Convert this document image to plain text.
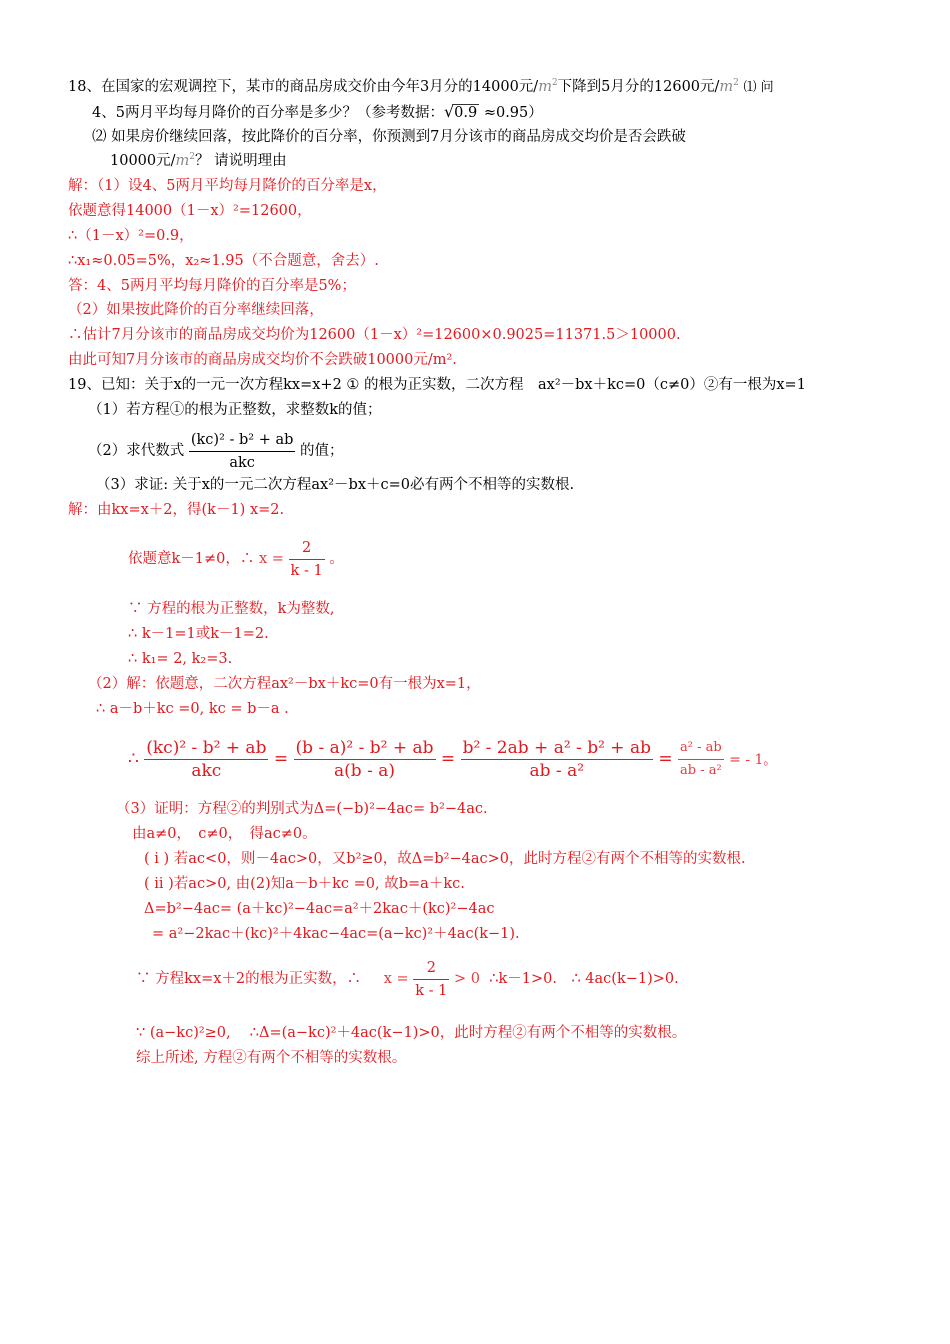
18、在国家的宏观调控下，某市的商品房成交价由今年3月分的14000元$/m^2$下降到5月分的12600元$/m^2$ ⑴ 问
4、5两月平均每月降价的百分率是多少？（参考数据：√0.9 ≈0.95）
⑵ 如果房价继续回落，按此降价的百分率，你预测到7月分该市的商品房成交均价是否会跌破
10000元$/m^2$？ 请说明理由
解：（1）设4、5两月平均每月降价的百分率是x，
依题意得14000（1－x）²=12600，
∴（1－x）²=0.9，
∴x₁≈0.05=5%，x₂≈1.95（不合题意，舍去）.
答：4、5两月平均每月降价的百分率是5%；
（2）如果按此降价的百分率继续回落，
∴估计7月分该市的商品房成交均价为12600（1－x）²=12600×0.9025=11371.5＞10000.
由此可知7月分该市的商品房成交均价不会跌破10000元/m².
19、已知：关于x的一元一次方程kx=x+2 ① 的根为正实数，二次方程　ax²－bx＋kc=0（c≠0）②有一根为x=1
（1）若方程①的根为正整数，求整数k的值；
（2）求代数式 $\frac{\text{(kc)² - b² + ab}}{\text{akc}}$ 的值；
（3）求证: 关于x的一元二次方程ax²－bx＋c=0必有两个不相等的实数根.
解：由kx=x＋2，得(k－1) x=2.
依题意k－1≠0，∴ $x = \frac{2}{k - 1}$ 。
∵ 方程的根为正整数，k为整数,
∴ k－1=1或k－1=2.
∴ k₁= 2, k₂=3.
（2）解：依题意，二次方程ax²－bx＋kc=0有一根为x=1，
∴ a－b＋kc =0, kc = b－a .
∴ $\frac{\text{(kc)² - b² + ab}}{\text{akc}} = \frac{\text{(b - a)² - b² + ab}}{a(b - a)} = \frac{\text{b² - 2ab + a² - b² + ab}}{\text{ab - a²}} = \frac{\text{a² - ab}}{\text{ab - a²}}$ = - 1。
（3）证明：方程②的判别式为Δ=(−b)²−4ac= b²−4ac.
由a≠0，　c≠0，　得ac≠0。
( i ) 若ac<0，则－4ac>0，又b²≥0，故Δ=b²−4ac>0，此时方程②有两个不相等的实数根.
( ii )若ac>0, 由(2)知a－b＋kc =0, 故b=a＋kc.
Δ=b²−4ac= (a＋kc)²−4ac=a²＋2kac＋(kc)²−4ac
= a²−2kac＋(kc)²＋4kac−4ac=(a−kc)²＋4ac(k−1).
∵ 方程kx=x＋2的根为正实数，∴ $x = \frac{2}{k - 1} > 0$ ∴k－1>0.　∴ 4ac(k−1)>0.
∵ (a−kc)²≥0,　 ∴Δ=(a−kc)²＋4ac(k−1)>0，此时方程②有两个不相等的实数根。
综上所述, 方程②有两个不相等的实数根。
